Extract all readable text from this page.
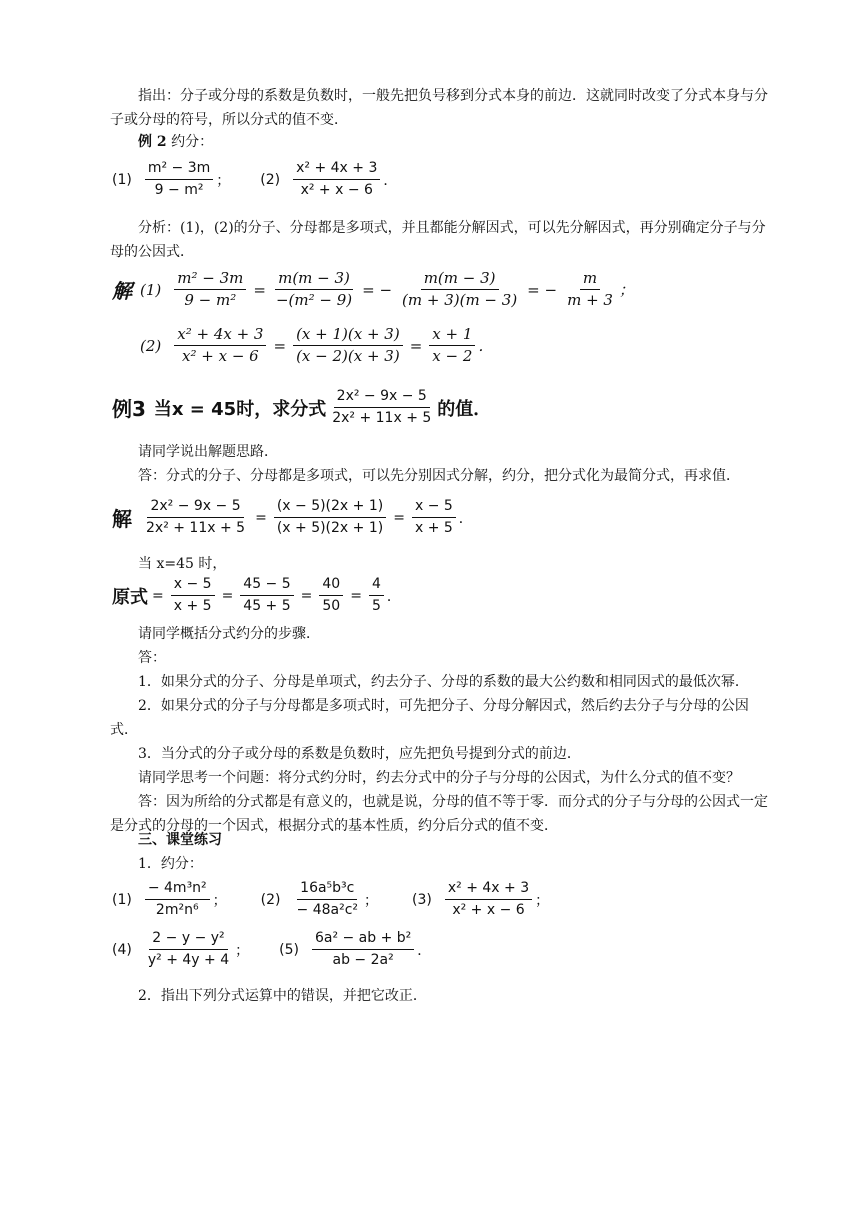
指出：分子或分母的系数是负数时，一般先把负号移到分式本身的前边．这就同时改变了分式本身与分子或分母的符号，所以分式的值不变．

例 2 约分：

$(1) \frac{\text{m² − 3m}}{\text{9 − m²}}$ ； $(2) \frac{\text{x² + 4x + 3}}{\text{x² + x − 6}}$ ．

分析：(1)，(2)的分子、分母都是多项式，并且都能分解因式，可以先分解因式，再分别确定分子与分母的公因式．

解 $(1) \frac{\text{m² − 3m}}{\text{9 − m²}} = \frac{m(m - 3)}{\text{−(m² − 9)}}$ = − $\frac{m(m - 3)}{(m + 3)(m - 3)}$ = − $\frac{m}{m + 3}$ ；
$(2) \frac{\text{x² + 4x + 3}}{\text{x² + x − 6}} = \frac{(x + 1)(x + 3)}{(x - 2)(x + 3)} = \frac{x + 1}{x - 2}$ ．
例3 当x = 45时，求分式 $\frac{\text{2x² − 9x − 5}}{\text{2x² + 11x + 5}}$ 的值．

请同学说出解题思路．

答：分式的分子、分母都是多项式，可以先分别因式分解，约分，把分式化为最简分式，再求值．

解 $\frac{\text{2x² − 9x − 5}}{\text{2x² + 11x + 5}} = \frac{(x - 5)(2x + 1)}{(x + 5)(2x + 1)} = \frac{x - 5}{x + 5}$ ．

当 x=45 时，

原式 = $\frac{x - 5}{x + 5} = \frac{45 - 5}{45 + 5} = \frac{40}{50} = \frac{4}{5}$ ．

请同学概括分式约分的步骤．

答：

1．如果分式的分子、分母是单项式，约去分子、分母的系数的最大公约数和相同因式的最低次幂．

2．如果分式的分子与分母都是多项式时，可先把分子、分母分解因式，然后约去分子与分母的公因式．

3．当分式的分子或分母的系数是负数时，应先把负号提到分式的前边．

请同学思考一个问题：将分式约分时，约去分式中的分子与分母的公因式，为什么分式的值不变？

答：因为所给的分式都是有意义的，也就是说，分母的值不等于零．而分式的分子与分母的公因式一定是分式的分母的一个因式，根据分式的基本性质，约分后分式的值不变．

三、课堂练习

1．约分：

$(1) \frac{\text{− 4m³n²}}{\text{2m²n⁶}}$ ； $(2) \frac{\text{16a⁵b³c}}{\text{− 48a²c²}}$ ； $(3) \frac{\text{x² + 4x + 3}}{\text{x² + x − 6}}$ ；
$(4) \frac{\text{2 − y − y²}}{\text{y² + 4y + 4}}$ ； $(5) \frac{\text{6a² − ab + b²}}{\text{ab − 2a²}}$ ．

2．指出下列分式运算中的错误，并把它改正．
